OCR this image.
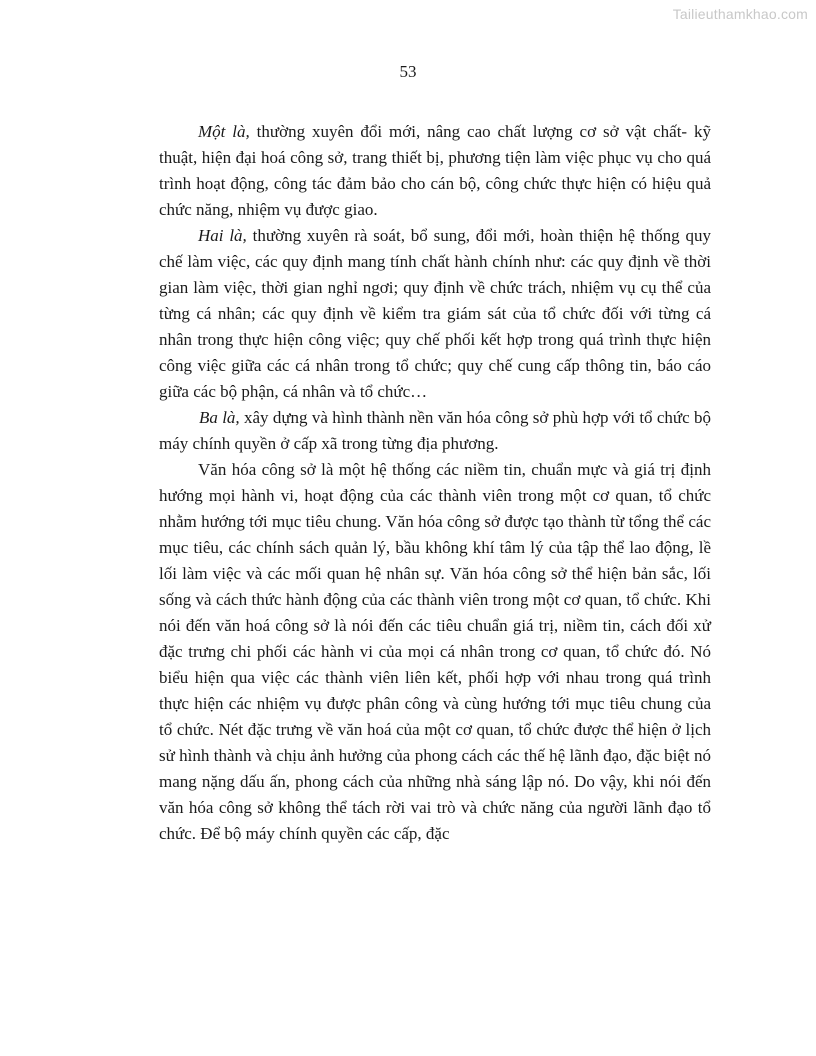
Tailieuthamkhao.com
53

Một là, thường xuyên đổi mới, nâng cao chất lượng cơ sở vật chất- kỹ thuật, hiện đại hoá công sở, trang thiết bị, phương tiện làm việc phục vụ cho quá trình hoạt động, công tác đảm bảo cho cán bộ, công chức thực hiện có hiệu quả chức năng, nhiệm vụ được giao.

Hai là, thường xuyên rà soát, bổ sung, đổi mới, hoàn thiện hệ thống quy chế làm việc, các quy định mang tính chất hành chính như: các quy định về thời gian làm việc, thời gian nghỉ ngơi; quy định về chức trách, nhiệm vụ cụ thể của từng cá nhân; các quy định về kiểm tra giám sát của tổ chức đối với từng cá nhân trong thực hiện công việc; quy chế phối kết hợp trong quá trình thực hiện công việc giữa các cá nhân trong tổ chức; quy chế cung cấp thông tin, báo cáo giữa các bộ phận, cá nhân và tổ chức…

Ba là, xây dựng và hình thành nền văn hóa công sở phù hợp với tổ chức bộ máy chính quyền ở cấp xã trong từng địa phương.

Văn hóa công sở là một hệ thống các niềm tin, chuẩn mực và giá trị định hướng mọi hành vi, hoạt động của các thành viên trong một cơ quan, tổ chức nhằm hướng tới mục tiêu chung. Văn hóa công sở được tạo thành từ tổng thể các mục tiêu, các chính sách quản lý, bầu không khí tâm lý của tập thể lao động, lề lối làm việc và các mối quan hệ nhân sự. Văn hóa công sở thể hiện bản sắc, lối sống và cách thức hành động của các thành viên trong một cơ quan, tổ chức. Khi nói đến văn hoá công sở là nói đến các tiêu chuẩn giá trị, niềm tin, cách đối xử đặc trưng chi phối các hành vi của mọi cá nhân trong cơ quan, tổ chức đó. Nó biểu hiện qua việc các thành viên liên kết, phối hợp với nhau trong quá trình thực hiện các nhiệm vụ được phân công và cùng hướng tới mục tiêu chung của tổ chức. Nét đặc trưng về văn hoá của một cơ quan, tổ chức được thể hiện ở lịch sử hình thành và chịu ảnh hưởng của phong cách các thế hệ lãnh đạo, đặc biệt nó mang nặng dấu ấn, phong cách của những nhà sáng lập nó. Do vậy, khi nói đến văn hóa công sở không thể tách rời vai trò và chức năng của người lãnh đạo tổ chức. Để bộ máy chính quyền các cấp, đặc
